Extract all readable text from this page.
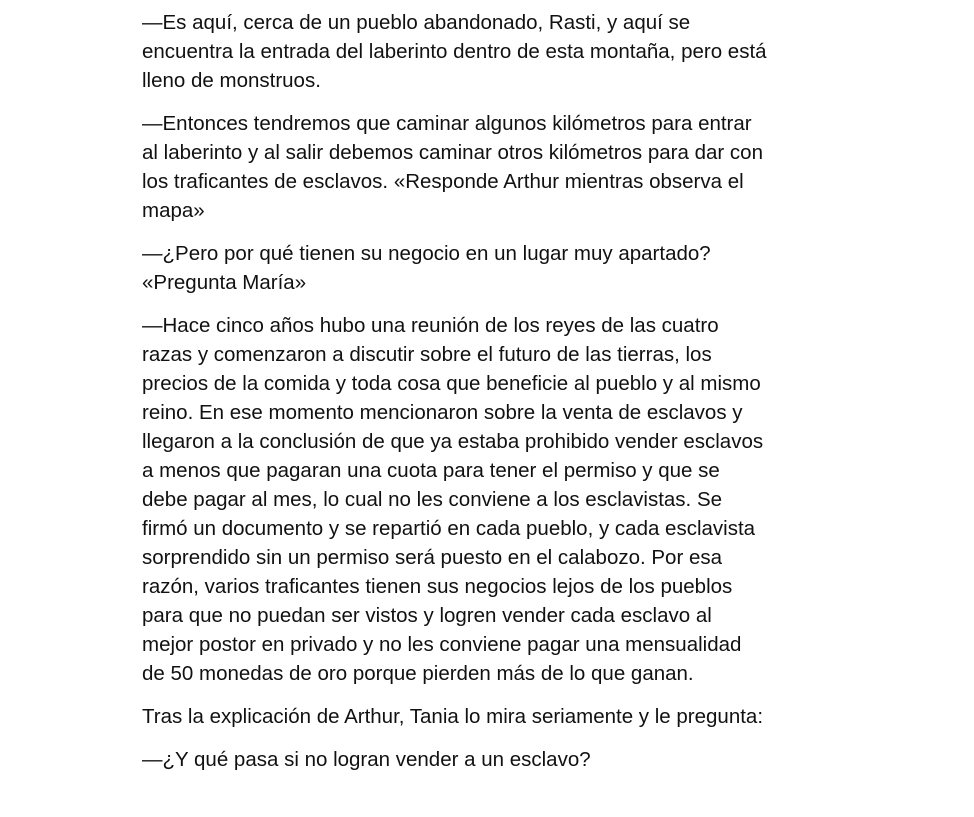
—Es aquí, cerca de un pueblo abandonado, Rasti, y aquí se
encuentra la entrada del laberinto dentro de esta montaña, pero está
lleno de monstruos.

—Entonces tendremos que caminar algunos kilómetros para entrar
al laberinto y al salir debemos caminar otros kilómetros para dar con
los traficantes de esclavos. «Responde Arthur mientras observa el
mapa»

—¿Pero por qué tienen su negocio en un lugar muy apartado?
«Pregunta María»

—Hace cinco años hubo una reunión de los reyes de las cuatro
razas y comenzaron a discutir sobre el futuro de las tierras, los
precios de la comida y toda cosa que beneficie al pueblo y al mismo
reino. En ese momento mencionaron sobre la venta de esclavos y
llegaron a la conclusión de que ya estaba prohibido vender esclavos
a menos que pagaran una cuota para tener el permiso y que se
debe pagar al mes, lo cual no les conviene a los esclavistas. Se
firmó un documento y se repartió en cada pueblo, y cada esclavista
sorprendido sin un permiso será puesto en el calabozo. Por esa
razón, varios traficantes tienen sus negocios lejos de los pueblos
para que no puedan ser vistos y logren vender cada esclavo al
mejor postor en privado y no les conviene pagar una mensualidad
de 50 monedas de oro porque pierden más de lo que ganan.

Tras la explicación de Arthur, Tania lo mira seriamente y le pregunta:

—¿Y qué pasa si no logran vender a un esclavo?
